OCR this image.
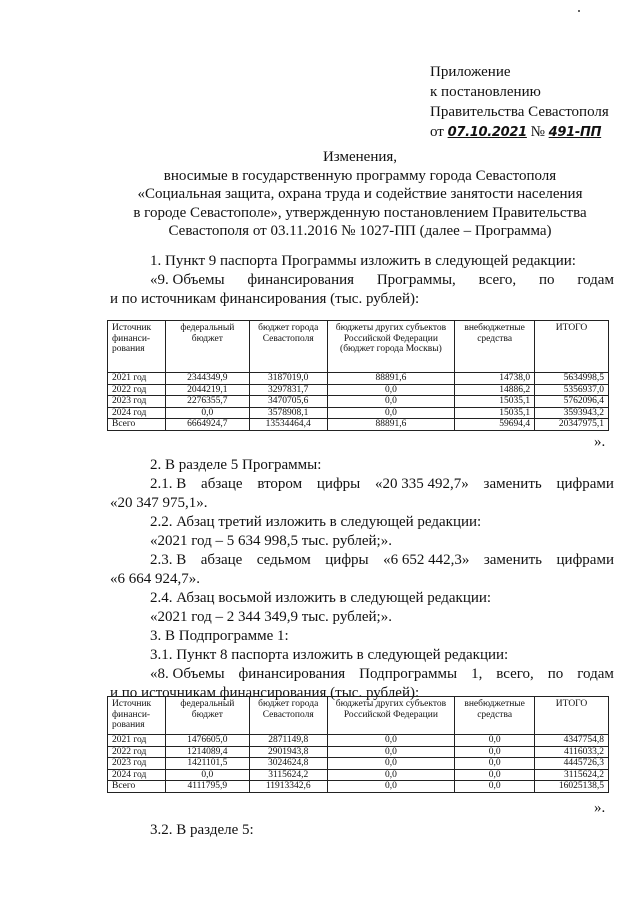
Приложение
к постановлению
Правительства Севастополя
от 07.10.2021 № 491-ПП
Изменения,
вносимые в государственную программу города Севастополя
«Социальная защита, охрана труда и содействие занятости населения
в городе Севастополе», утвержденную постановлением Правительства
Севастополя от 03.11.2016 № 1027-ПП (далее – Программа)
1. Пункт 9 паспорта Программы изложить в следующей редакции:
«9. Объемы финансирования Программы, всего, по годам
и по источникам финансирования (тыс. рублей):
Источник финанси-рования	федеральный бюджет	бюджет города Севастополя	бюджеты других субъектов Российской Федерации (бюджет города Москвы)	внебюджетные средства	ИТОГО
2021 год	2344349,9	3187019,0	88891,6	14738,0	5634998,5
2022 год	2044219,1	3297831,7	0,0	14886,2	5356937,0
2023 год	2276355,7	3470705,6	0,0	15035,1	5762096,4
2024 год	0,0	3578908,1	0,0	15035,1	3593943,2
Всего	6664924,7	13534464,4	88891,6	59694,4	20347975,1
».
2. В разделе 5 Программы:
2.1. В абзаце втором цифры «20 335 492,7» заменить цифрами
«20 347 975,1».
2.2. Абзац третий изложить в следующей редакции:
«2021 год – 5 634 998,5 тыс. рублей;».
2.3. В абзаце седьмом цифры «6 652 442,3» заменить цифрами
«6 664 924,7».
2.4. Абзац восьмой изложить в следующей редакции:
«2021 год – 2 344 349,9 тыс. рублей;».
3. В Подпрограмме 1:
3.1. Пункт 8 паспорта изложить в следующей редакции:
«8. Объемы финансирования Подпрограммы 1, всего, по годам
и по источникам финансирования (тыс. рублей):
Источник финанси-рования	федеральный бюджет	бюджет города Севастополя	бюджеты других субъектов Российской Федерации	внебюджетные средства	ИТОГО
2021 год	1476605,0	2871149,8	0,0	0,0	4347754,8
2022 год	1214089,4	2901943,8	0,0	0,0	4116033,2
2023 год	1421101,5	3024624,8	0,0	0,0	4445726,3
2024 год	0,0	3115624,2	0,0	0,0	3115624,2
Всего	4111795,9	11913342,6	0,0	0,0	16025138,5
».
3.2. В разделе 5:
